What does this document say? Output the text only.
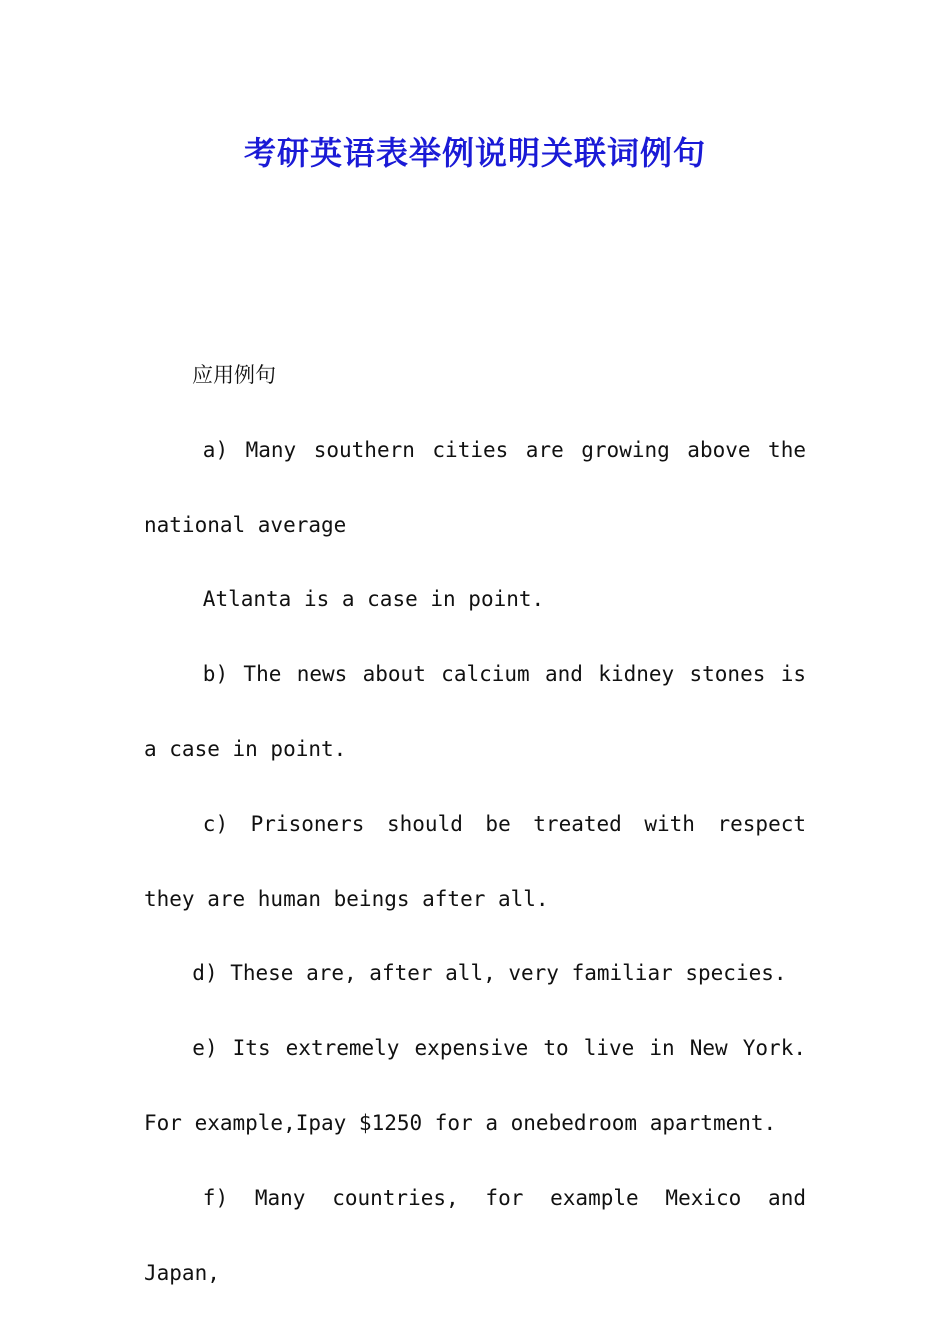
考研英语表举例说明关联词例句

应用例句

a) Many southern cities are growing above the national average

Atlanta is a case in point.

b) The news about calcium and kidney stones is a case in point.

c) Prisoners should be treated with respect they are human beings after all.

d) These are, after all, very familiar species.

e) Its extremely expensive to live in New York. For example,Ipay $1250 for a onebedroom apartment.

f) Many countries, for example Mexico and Japan,
